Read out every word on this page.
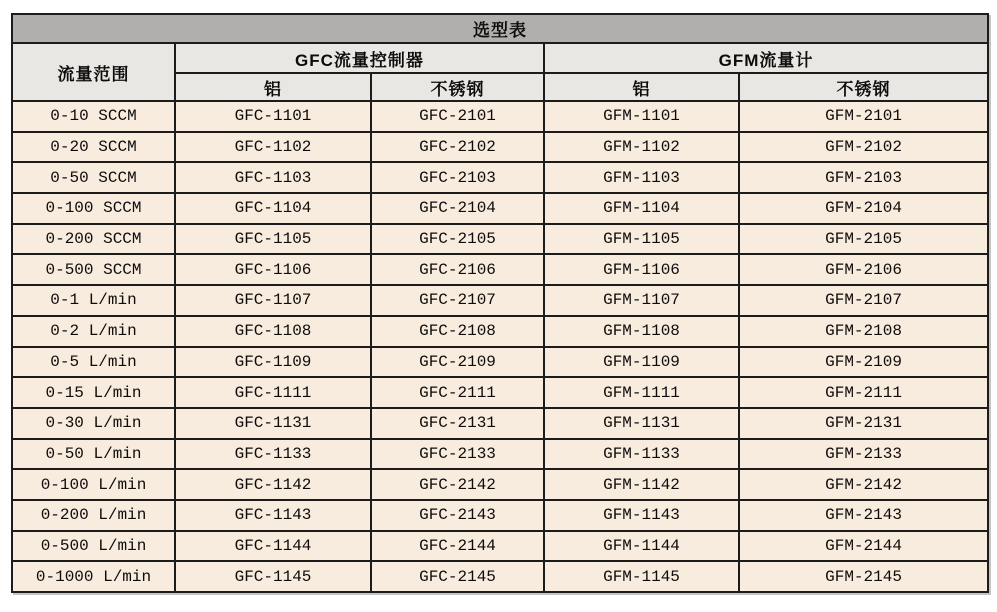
选型表				
流量范围	GFC流量控制器		GFM流量计	
	铝	不锈钢	铝	不锈钢
0-10 SCCM	GFC-1101	GFC-2101	GFM-1101	GFM-2101
0-20 SCCM	GFC-1102	GFC-2102	GFM-1102	GFM-2102
0-50 SCCM	GFC-1103	GFC-2103	GFM-1103	GFM-2103
0-100 SCCM	GFC-1104	GFC-2104	GFM-1104	GFM-2104
0-200 SCCM	GFC-1105	GFC-2105	GFM-1105	GFM-2105
0-500 SCCM	GFC-1106	GFC-2106	GFM-1106	GFM-2106
0-1 L/min	GFC-1107	GFC-2107	GFM-1107	GFM-2107
0-2 L/min	GFC-1108	GFC-2108	GFM-1108	GFM-2108
0-5 L/min	GFC-1109	GFC-2109	GFM-1109	GFM-2109
0-15 L/min	GFC-1111	GFC-2111	GFM-1111	GFM-2111
0-30 L/min	GFC-1131	GFC-2131	GFM-1131	GFM-2131
0-50 L/min	GFC-1133	GFC-2133	GFM-1133	GFM-2133
0-100 L/min	GFC-1142	GFC-2142	GFM-1142	GFM-2142
0-200 L/min	GFC-1143	GFC-2143	GFM-1143	GFM-2143
0-500 L/min	GFC-1144	GFC-2144	GFM-1144	GFM-2144
0-1000 L/min	GFC-1145	GFC-2145	GFM-1145	GFM-2145
